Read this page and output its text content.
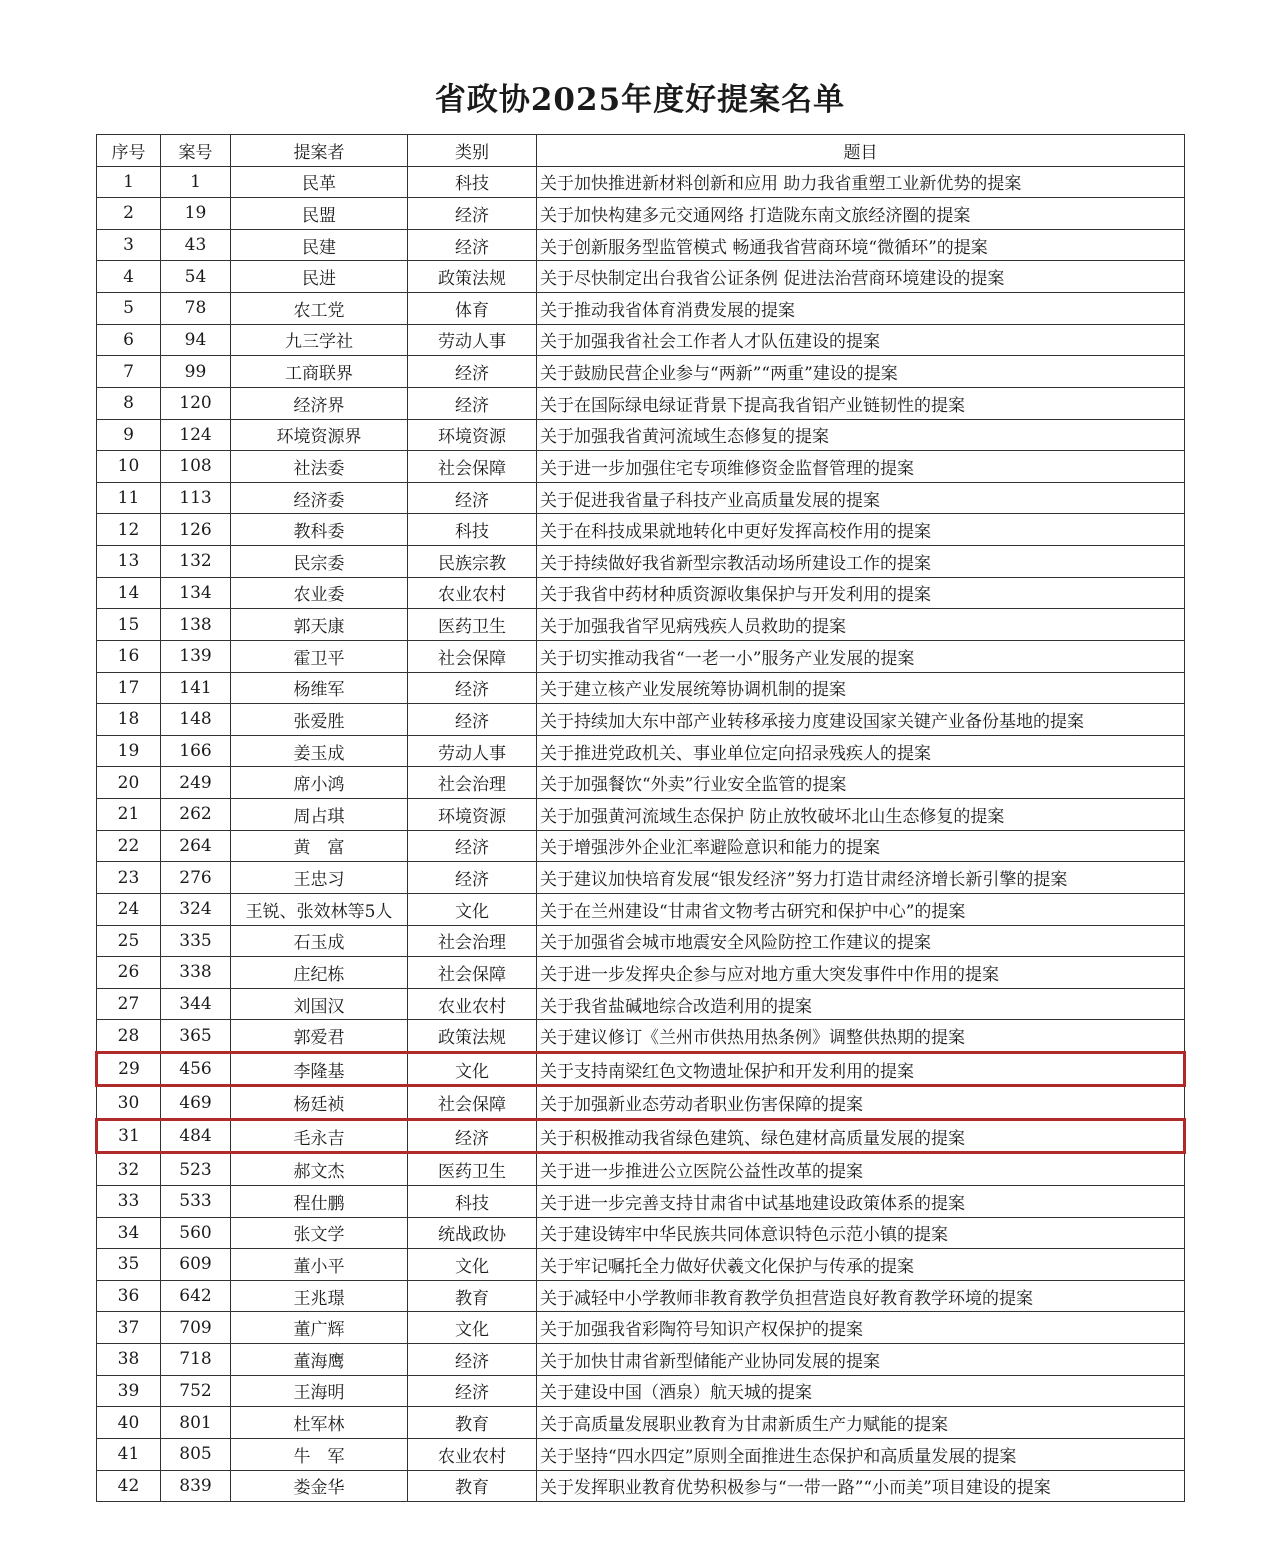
省政协2025年度好提案名单
序号	案号	提案者	类别	题目
1	1	民革	科技	关于加快推进新材料创新和应用 助力我省重塑工业新优势的提案
2	19	民盟	经济	关于加快构建多元交通网络 打造陇东南文旅经济圈的提案
3	43	民建	经济	关于创新服务型监管模式 畅通我省营商环境“微循环”的提案
4	54	民进	政策法规	关于尽快制定出台我省公证条例 促进法治营商环境建设的提案
5	78	农工党	体育	关于推动我省体育消费发展的提案
6	94	九三学社	劳动人事	关于加强我省社会工作者人才队伍建设的提案
7	99	工商联界	经济	关于鼓励民营企业参与“两新”“两重”建设的提案
8	120	经济界	经济	关于在国际绿电绿证背景下提高我省铝产业链韧性的提案
9	124	环境资源界	环境资源	关于加强我省黄河流域生态修复的提案
10	108	社法委	社会保障	关于进一步加强住宅专项维修资金监督管理的提案
11	113	经济委	经济	关于促进我省量子科技产业高质量发展的提案
12	126	教科委	科技	关于在科技成果就地转化中更好发挥高校作用的提案
13	132	民宗委	民族宗教	关于持续做好我省新型宗教活动场所建设工作的提案
14	134	农业委	农业农村	关于我省中药材种质资源收集保护与开发利用的提案
15	138	郭天康	医药卫生	关于加强我省罕见病残疾人员救助的提案
16	139	霍卫平	社会保障	关于切实推动我省“一老一小”服务产业发展的提案
17	141	杨维军	经济	关于建立核产业发展统筹协调机制的提案
18	148	张爱胜	经济	关于持续加大东中部产业转移承接力度建设国家关键产业备份基地的提案
19	166	姜玉成	劳动人事	关于推进党政机关、事业单位定向招录残疾人的提案
20	249	席小鸿	社会治理	关于加强餐饮“外卖”行业安全监管的提案
21	262	周占琪	环境资源	关于加强黄河流域生态保护 防止放牧破坏北山生态修复的提案
22	264	黄　富	经济	关于增强涉外企业汇率避险意识和能力的提案
23	276	王忠习	经济	关于建议加快培育发展“银发经济”努力打造甘肃经济增长新引擎的提案
24	324	王锐、张效林等5人	文化	关于在兰州建设“甘肃省文物考古研究和保护中心”的提案
25	335	石玉成	社会治理	关于加强省会城市地震安全风险防控工作建议的提案
26	338	庄纪栋	社会保障	关于进一步发挥央企参与应对地方重大突发事件中作用的提案
27	344	刘国汉	农业农村	关于我省盐碱地综合改造利用的提案
28	365	郭爱君	政策法规	关于建议修订《兰州市供热用热条例》调整供热期的提案
29	456	李隆基	文化	关于支持南梁红色文物遗址保护和开发利用的提案
30	469	杨廷祯	社会保障	关于加强新业态劳动者职业伤害保障的提案
31	484	毛永吉	经济	关于积极推动我省绿色建筑、绿色建材高质量发展的提案
32	523	郝文杰	医药卫生	关于进一步推进公立医院公益性改革的提案
33	533	程仕鹏	科技	关于进一步完善支持甘肃省中试基地建设政策体系的提案
34	560	张文学	统战政协	关于建设铸牢中华民族共同体意识特色示范小镇的提案
35	609	董小平	文化	关于牢记嘱托全力做好伏羲文化保护与传承的提案
36	642	王兆璟	教育	关于减轻中小学教师非教育教学负担营造良好教育教学环境的提案
37	709	董广辉	文化	关于加强我省彩陶符号知识产权保护的提案
38	718	董海鹰	经济	关于加快甘肃省新型储能产业协同发展的提案
39	752	王海明	经济	关于建设中国（酒泉）航天城的提案
40	801	杜军林	教育	关于高质量发展职业教育为甘肃新质生产力赋能的提案
41	805	牛　军	农业农村	关于坚持“四水四定”原则全面推进生态保护和高质量发展的提案
42	839	娄金华	教育	关于发挥职业教育优势积极参与“一带一路”“小而美”项目建设的提案
